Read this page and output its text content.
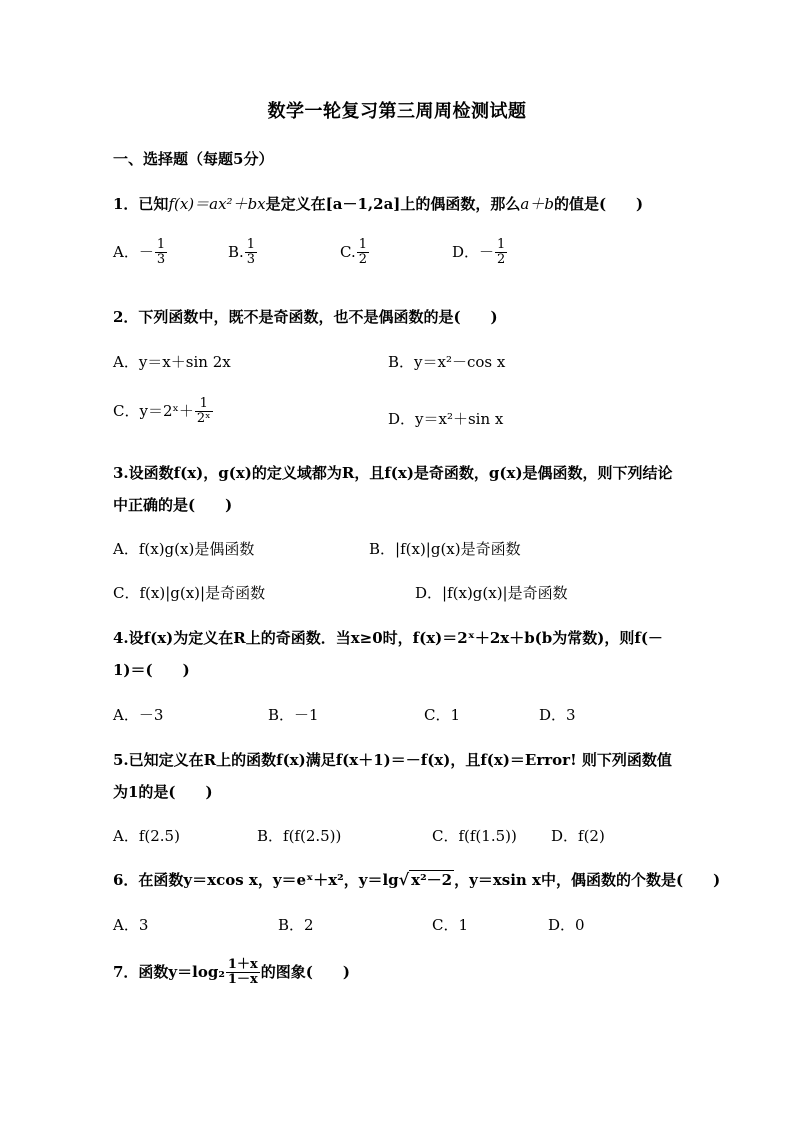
数学一轮复习第三周周检测试题
一、选择题（每题5分）
1．已知f(x)＝ax²＋bx是定义在[a－1,2a]上的偶函数，那么a＋b的值是(　　)
A．－ $\frac{1}{3}$	B. $\frac{1}{3}$	C. $\frac{1}{2}$	D．－ $\frac{1}{2}$
2．下列函数中，既不是奇函数，也不是偶函数的是(　　)
A．y＝x＋sin 2x	B．y＝x²－cos x
C．y＝2ˣ＋ $\frac{1}{\text{2ˣ}}$	D．y＝x²＋sin x
3.设函数f(x)，g(x)的定义域都为R，且f(x)是奇函数，g(x)是偶函数，则下列结论
中正确的是(　　)
A．f(x)g(x)是偶函数	B．|f(x)|g(x)是奇函数
C．f(x)|g(x)|是奇函数	D．|f(x)g(x)|是奇函数
4.设f(x)为定义在R上的奇函数．当x≥0时，f(x)＝2ˣ＋2x＋b(b为常数)，则f(－
1)＝(　　)
A．－3	B．－1	C．1	D．3
5.已知定义在R上的函数f(x)满足f(x＋1)＝－f(x)，且f(x)＝Error! 则下列函数值
为1的是(　　)
A．f(2.5)	B．f(f(2.5))	C．f(f(1.5)) D．f(2)
6．在函数y＝xcos x，y＝eˣ＋x²，y＝lg√ x²－2 ，y＝xsin x中，偶函数的个数是(　　)
A．3	B．2	C．1	D．0
7．函数$y=\log_2 \frac{1+x}{1-x}$ 的图象(　　)
